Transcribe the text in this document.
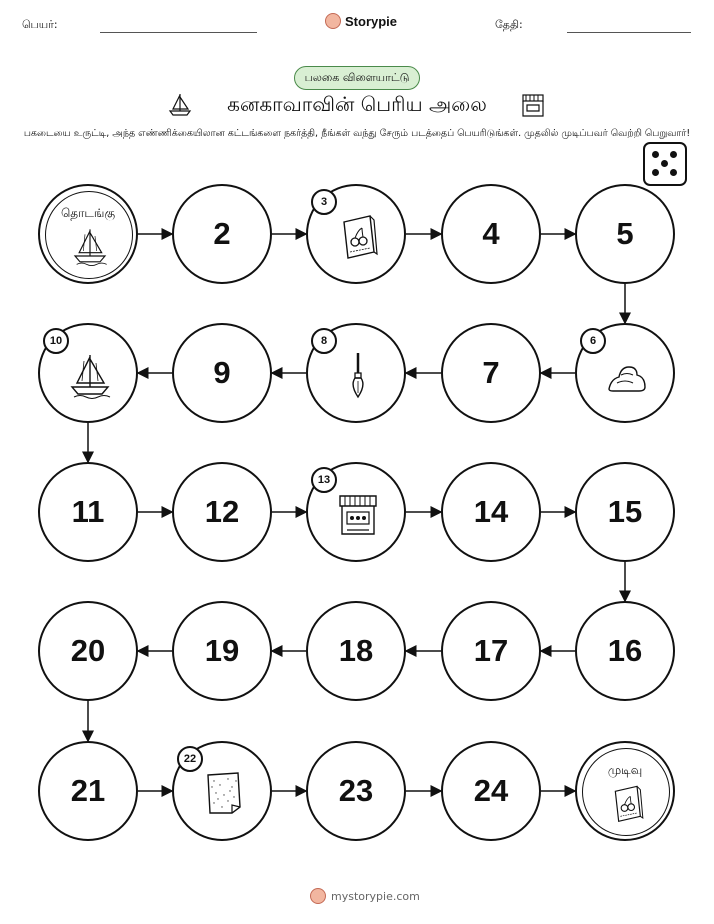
பெயர்:	Storypie	தேதி:
பலகை விளையாட்டு
கனகாவாவின் பெரிய அலை
பகடையை உருட்டி, அந்த எண்ணிக்கையிலான கட்டங்களை நகர்த்தி, நீங்கள் வந்து சேரும் படத்தைப் பெயரிடுங்கள். முதலில் முடிப்பவர் வெற்றி பெறுவார்!
தொடங்கு
2
3
4	5
6
7
8
9
10
11	12
13
14	15
16
17
18
19
20
21
22
23	24
முடிவு
mystorypie.com
